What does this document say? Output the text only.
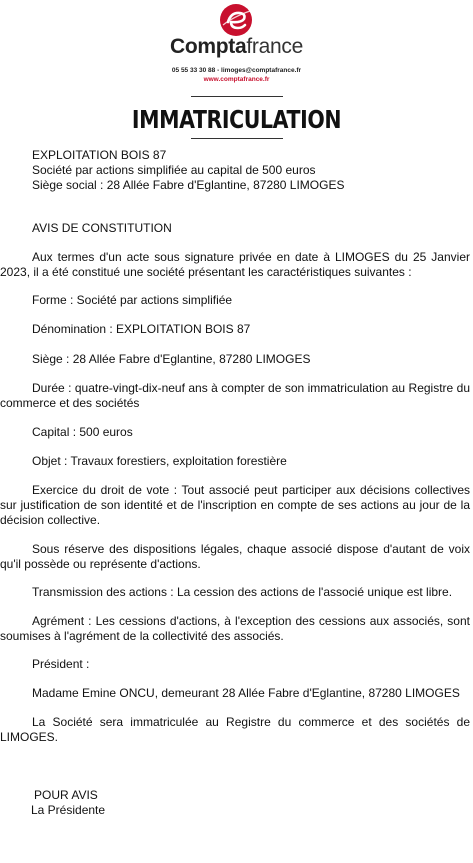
Comptafrance
05 55 33 30 88 - limoges@comptafrance.fr
www.comptafrance.fr
IMMATRICULATION

EXPLOITATION BOIS 87

Société par actions simplifiée au capital de 500 euros

Siège social : 28 Allée Fabre d'Eglantine, 87280 LIMOGES

AVIS DE CONSTITUTION

Aux termes d'un acte sous signature privée en date à LIMOGES du 25 Janvier 2023, il a été constitué une société présentant les caractéristiques suivantes :

Forme : Société par actions simplifiée

Dénomination : EXPLOITATION BOIS 87

Siège : 28 Allée Fabre d'Eglantine, 87280 LIMOGES

Durée : quatre-vingt-dix-neuf ans à compter de son immatriculation au Registre du commerce et des sociétés

Capital : 500 euros

Objet : Travaux forestiers, exploitation forestière

Exercice du droit de vote : Tout associé peut participer aux décisions collectives sur justification de son identité et de l'inscription en compte de ses actions au jour de la décision collective.

Sous réserve des dispositions légales, chaque associé dispose d'autant de voix qu'il possède ou représente d'actions.

Transmission des actions : La cession des actions de l'associé unique est libre.

Agrément : Les cessions d'actions, à l'exception des cessions aux associés, sont soumises à l'agrément de la collectivité des associés.

Président :

Madame Emine ONCU, demeurant 28 Allée Fabre d'Eglantine, 87280 LIMOGES

La Société sera immatriculée au Registre du commerce et des sociétés de LIMOGES.

POUR AVIS

La Présidente
